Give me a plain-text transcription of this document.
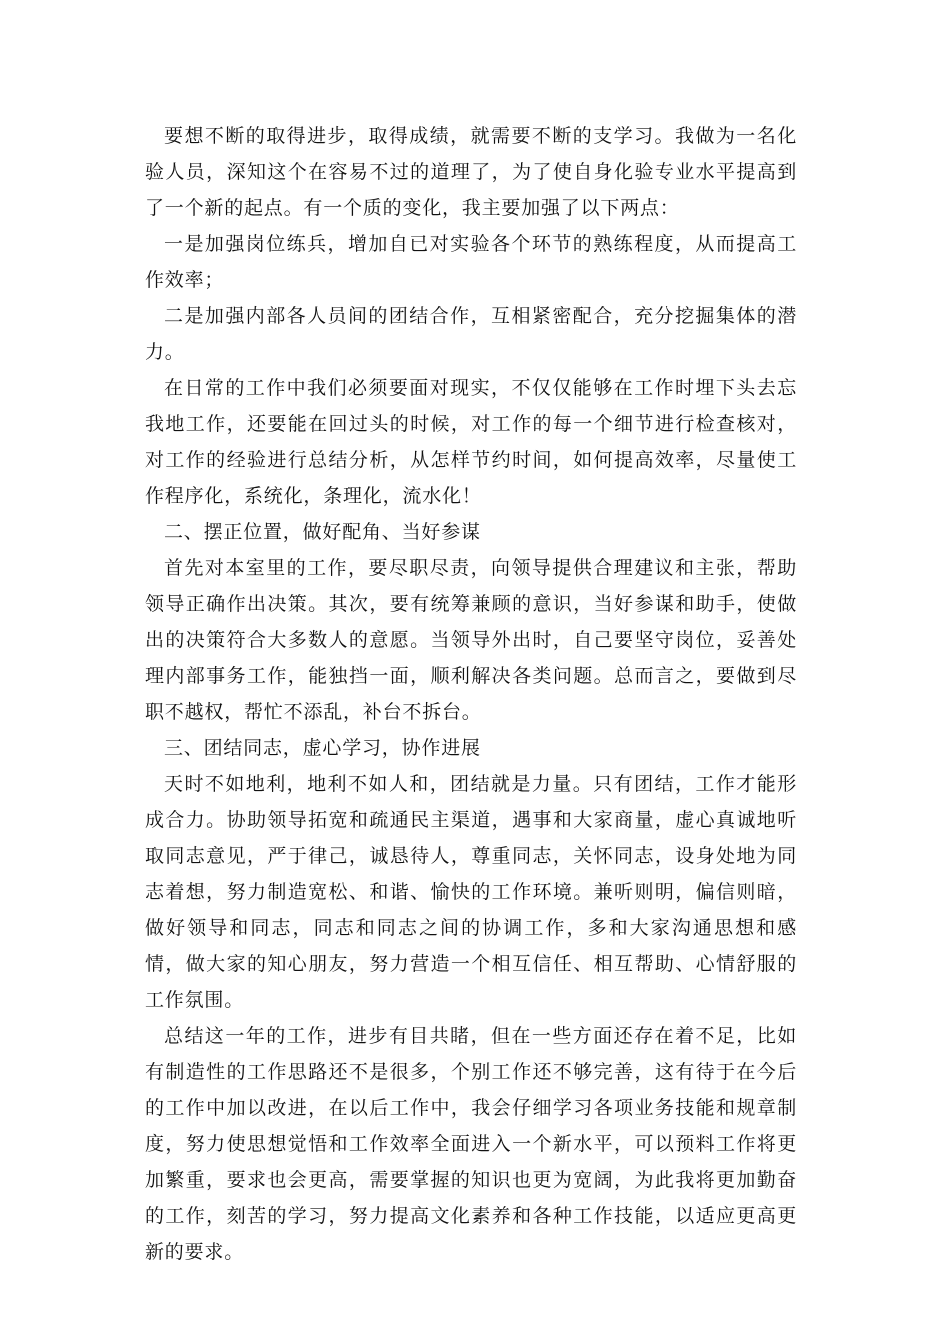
要想不断的取得进步，取得成绩，就需要不断的支学习。我做为一名化验人员，深知这个在容易不过的道理了，为了使自身化验专业水平提高到了一个新的起点。有一个质的变化，我主要加强了以下两点：

一是加强岗位练兵，增加自已对实验各个环节的熟练程度，从而提高工作效率；

二是加强内部各人员间的团结合作，互相紧密配合，充分挖掘集体的潜力。

在日常的工作中我们必须要面对现实，不仅仅能够在工作时埋下头去忘我地工作，还要能在回过头的时候，对工作的每一个细节进行检查核对，对工作的经验进行总结分析，从怎样节约时间，如何提高效率，尽量使工作程序化，系统化，条理化，流水化！

二、摆正位置，做好配角、当好参谋

首先对本室里的工作，要尽职尽责，向领导提供合理建议和主张，帮助领导正确作出决策。其次，要有统筹兼顾的意识，当好参谋和助手，使做出的决策符合大多数人的意愿。当领导外出时，自己要坚守岗位，妥善处理内部事务工作，能独挡一面，顺利解决各类问题。总而言之，要做到尽职不越权，帮忙不添乱，补台不拆台。

三、团结同志，虚心学习，协作进展

天时不如地利，地利不如人和，团结就是力量。只有团结，工作才能形成合力。协助领导拓宽和疏通民主渠道，遇事和大家商量，虚心真诚地听取同志意见，严于律己，诚恳待人，尊重同志，关怀同志，设身处地为同志着想，努力制造宽松、和谐、愉快的工作环境。兼听则明，偏信则暗，做好领导和同志，同志和同志之间的协调工作，多和大家沟通思想和感情，做大家的知心朋友，努力营造一个相互信任、相互帮助、心情舒服的工作氛围。

总结这一年的工作，进步有目共睹，但在一些方面还存在着不足，比如有制造性的工作思路还不是很多，个别工作还不够完善，这有待于在今后的工作中加以改进，在以后工作中，我会仔细学习各项业务技能和规章制度，努力使思想觉悟和工作效率全面进入一个新水平，可以预料工作将更加繁重，要求也会更高，需要掌握的知识也更为宽阔，为此我将更加勤奋的工作，刻苦的学习，努力提高文化素养和各种工作技能，以适应更高更新的要求。
